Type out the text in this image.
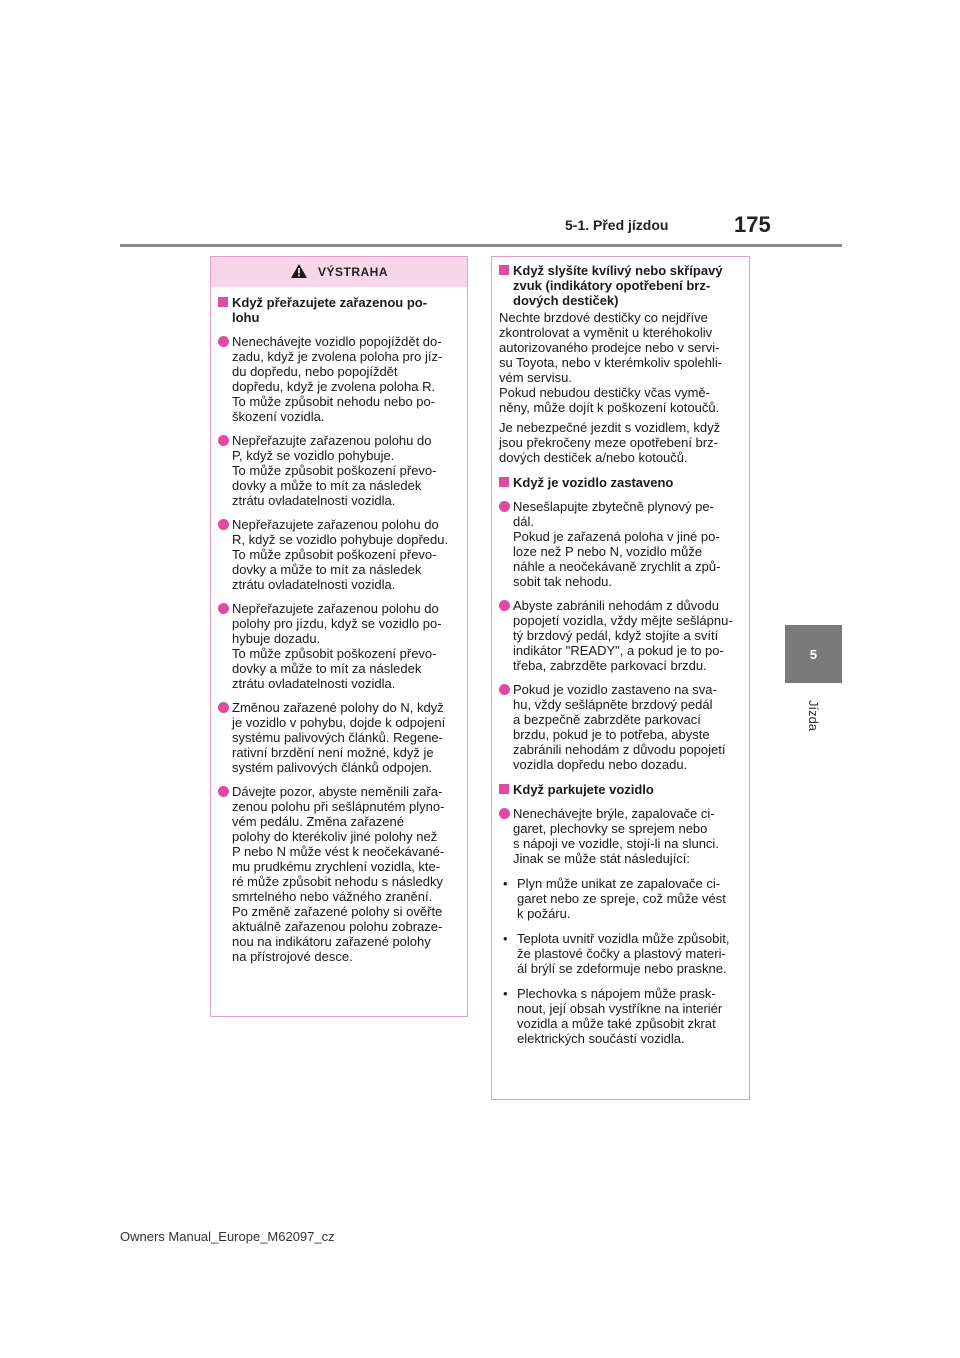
5-1. Před jízdou	175
5
Jízda
VÝSTRAHA
Když přeřazujete zařazenou po-
lohu
Nenechávejte vozidlo popojíždět do-
zadu, když je zvolena poloha pro jíz-
du dopředu, nebo popojíždět
dopředu, když je zvolena poloha R.
To může způsobit nehodu nebo po-
škození vozidla.
Nepřeřazujte zařazenou polohu do
P, když se vozidlo pohybuje.
To může způsobit poškození převo-
dovky a může to mít za následek
ztrátu ovladatelnosti vozidla.
Nepřeřazujete zařazenou polohu do
R, když se vozidlo pohybuje dopředu.
To může způsobit poškození převo-
dovky a může to mít za následek
ztrátu ovladatelnosti vozidla.
Nepřeřazujete zařazenou polohu do
polohy pro jízdu, když se vozidlo po-
hybuje dozadu.
To může způsobit poškození převo-
dovky a může to mít za následek
ztrátu ovladatelnosti vozidla.
Změnou zařazené polohy do N, když
je vozidlo v pohybu, dojde k odpojení
systému palivových článků. Regene-
rativní brzdění není možné, když je
systém palivových článků odpojen.
Dávejte pozor, abyste neměnili zařa-
zenou polohu při sešlápnutém plyno-
vém pedálu. Změna zařazené
polohy do kterékoliv jiné polohy než
P nebo N může vést k neočekávané-
mu prudkému zrychlení vozidla, kte-
ré může způsobit nehodu s následky
smrtelného nebo vážného zranění.
Po změně zařazené polohy si ověřte
aktuálně zařazenou polohu zobraze-
nou na indikátoru zařazené polohy
na přístrojové desce.
Když slyšíte kvílivý nebo skřípavý
zvuk (indikátory opotřebení brz-
dových destiček)
Nechte brzdové destičky co nejdříve
zkontrolovat a vyměnit u kteréhokoliv
autorizovaného prodejce nebo v servi-
su Toyota, nebo v kterémkoliv spolehli-
vém servisu.
Pokud nebudou destičky včas vymě-
něny, může dojít k poškození kotoučů.
Je nebezpečné jezdit s vozidlem, když
jsou překročeny meze opotřebení brz-
dových destiček a/nebo kotoučů.
Když je vozidlo zastaveno
Nesešlapujte zbytečně plynový pe-
dál.
Pokud je zařazená poloha v jiné po-
loze než P nebo N, vozidlo může
náhle a neočekávaně zrychlit a způ-
sobit tak nehodu.
Abyste zabránili nehodám z důvodu
popojetí vozidla, vždy mějte sešlápnu-
tý brzdový pedál, když stojíte a svítí
indikátor "READY", a pokud je to po-
třeba, zabrzděte parkovací brzdu.
Pokud je vozidlo zastaveno na sva-
hu, vždy sešlápněte brzdový pedál
a bezpečně zabrzděte parkovací
brzdu, pokud je to potřeba, abyste
zabránili nehodám z důvodu popojetí
vozidla dopředu nebo dozadu.
Když parkujete vozidlo
Nenechávejte brýle, zapalovače ci-
garet, plechovky se sprejem nebo
s nápoji ve vozidle, stojí-li na slunci.
Jinak se může stát následující:
• Plyn může unikat ze zapalovače ci-
garet nebo ze spreje, což může vést
k požáru.
• Teplota uvnitř vozidla může způsobit,
že plastové čočky a plastový materi-
ál brýlí se zdeformuje nebo praskne.
• Plechovka s nápojem může prask-
nout, její obsah vystříkne na interiér
vozidla a může také způsobit zkrat
elektrických součástí vozidla.
Owners Manual_Europe_M62097_cz
